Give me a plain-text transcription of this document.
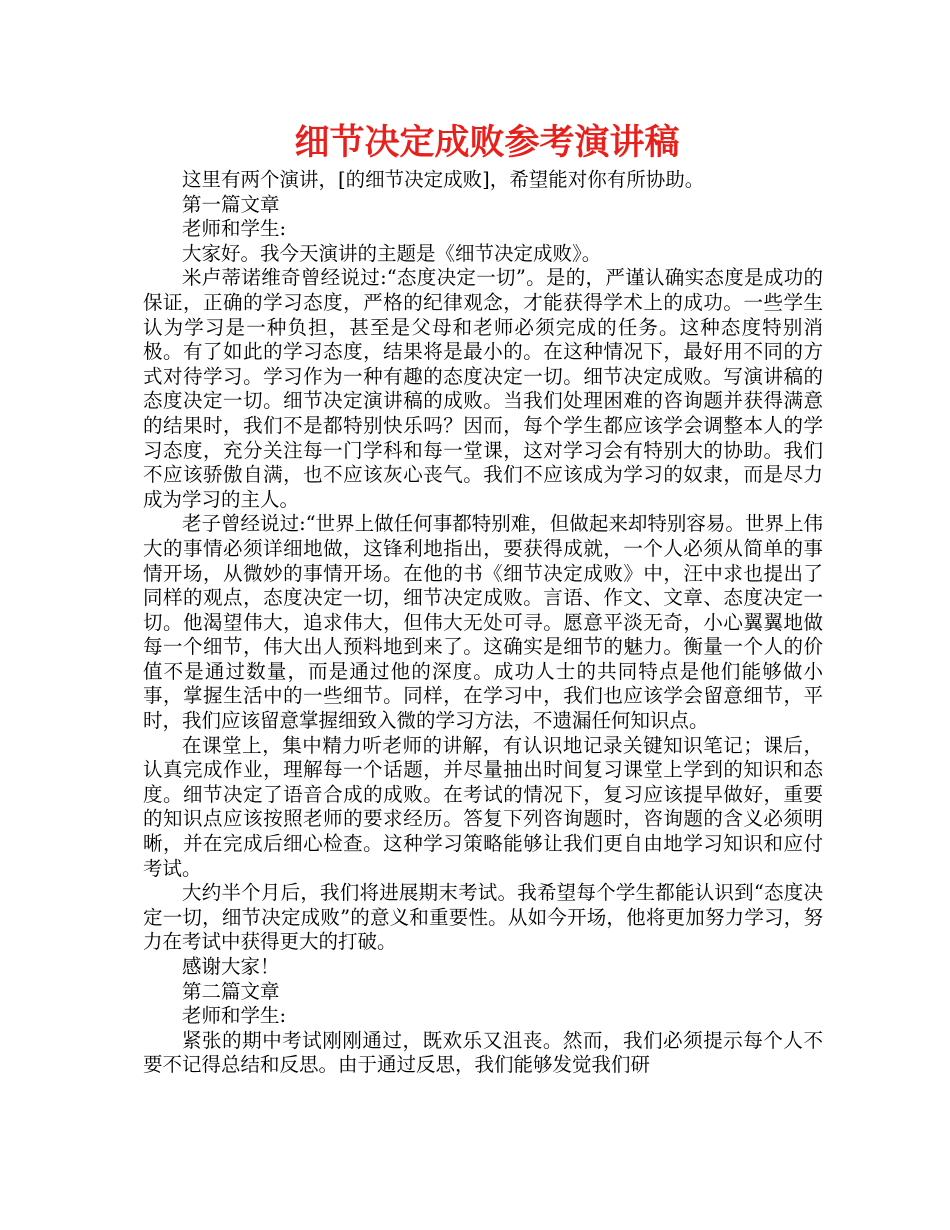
细节决定成败参考演讲稿

这里有两个演讲，[的细节决定成败]，希望能对你有所协助。

第一篇文章

老师和学生:

大家好。我今天演讲的主题是《细节决定成败》。

米卢蒂诺维奇曾经说过:“态度决定一切”。是的，严谨认确实态度是成功的保证，正确的学习态度，严格的纪律观念，才能获得学术上的成功。一些学生认为学习是一种负担，甚至是父母和老师必须完成的任务。这种态度特别消极。有了如此的学习态度，结果将是最小的。在这种情况下，最好用不同的方式对待学习。学习作为一种有趣的态度决定一切。细节决定成败。写演讲稿的态度决定一切。细节决定演讲稿的成败。当我们处理困难的咨询题并获得满意的结果时，我们不是都特别快乐吗？因而，每个学生都应该学会调整本人的学习态度，充分关注每一门学科和每一堂课，这对学习会有特别大的协助。我们不应该骄傲自满，也不应该灰心丧气。我们不应该成为学习的奴隶，而是尽力成为学习的主人。

老子曾经说过:“世界上做任何事都特别难，但做起来却特别容易。世界上伟大的事情必须详细地做，这锋利地指出，要获得成就，一个人必须从简单的事情开场，从微妙的事情开场。在他的书《细节决定成败》中，汪中求也提出了同样的观点，态度决定一切，细节决定成败。言语、作文、文章、态度决定一切。他渴望伟大，追求伟大，但伟大无处可寻。愿意平淡无奇，小心翼翼地做每一个细节，伟大出人预料地到来了。这确实是细节的魅力。衡量一个人的价值不是通过数量，而是通过他的深度。成功人士的共同特点是他们能够做小事，掌握生活中的一些细节。同样，在学习中，我们也应该学会留意细节，平时，我们应该留意掌握细致入微的学习方法，不遗漏任何知识点。

在课堂上，集中精力听老师的讲解，有认识地记录关键知识笔记；课后，认真完成作业，理解每一个话题，并尽量抽出时间复习课堂上学到的知识和态度。细节决定了语音合成的成败。在考试的情况下，复习应该提早做好，重要的知识点应该按照老师的要求经历。答复下列咨询题时，咨询题的含义必须明晰，并在完成后细心检查。这种学习策略能够让我们更自由地学习知识和应付考试。

大约半个月后，我们将进展期末考试。我希望每个学生都能认识到“态度决定一切，细节决定成败”的意义和重要性。从如今开场，他将更加努力学习，努力在考试中获得更大的打破。

感谢大家！

第二篇文章

老师和学生:

紧张的期中考试刚刚通过，既欢乐又沮丧。然而，我们必须提示每个人不要不记得总结和反思。由于通过反思，我们能够发觉我们研
